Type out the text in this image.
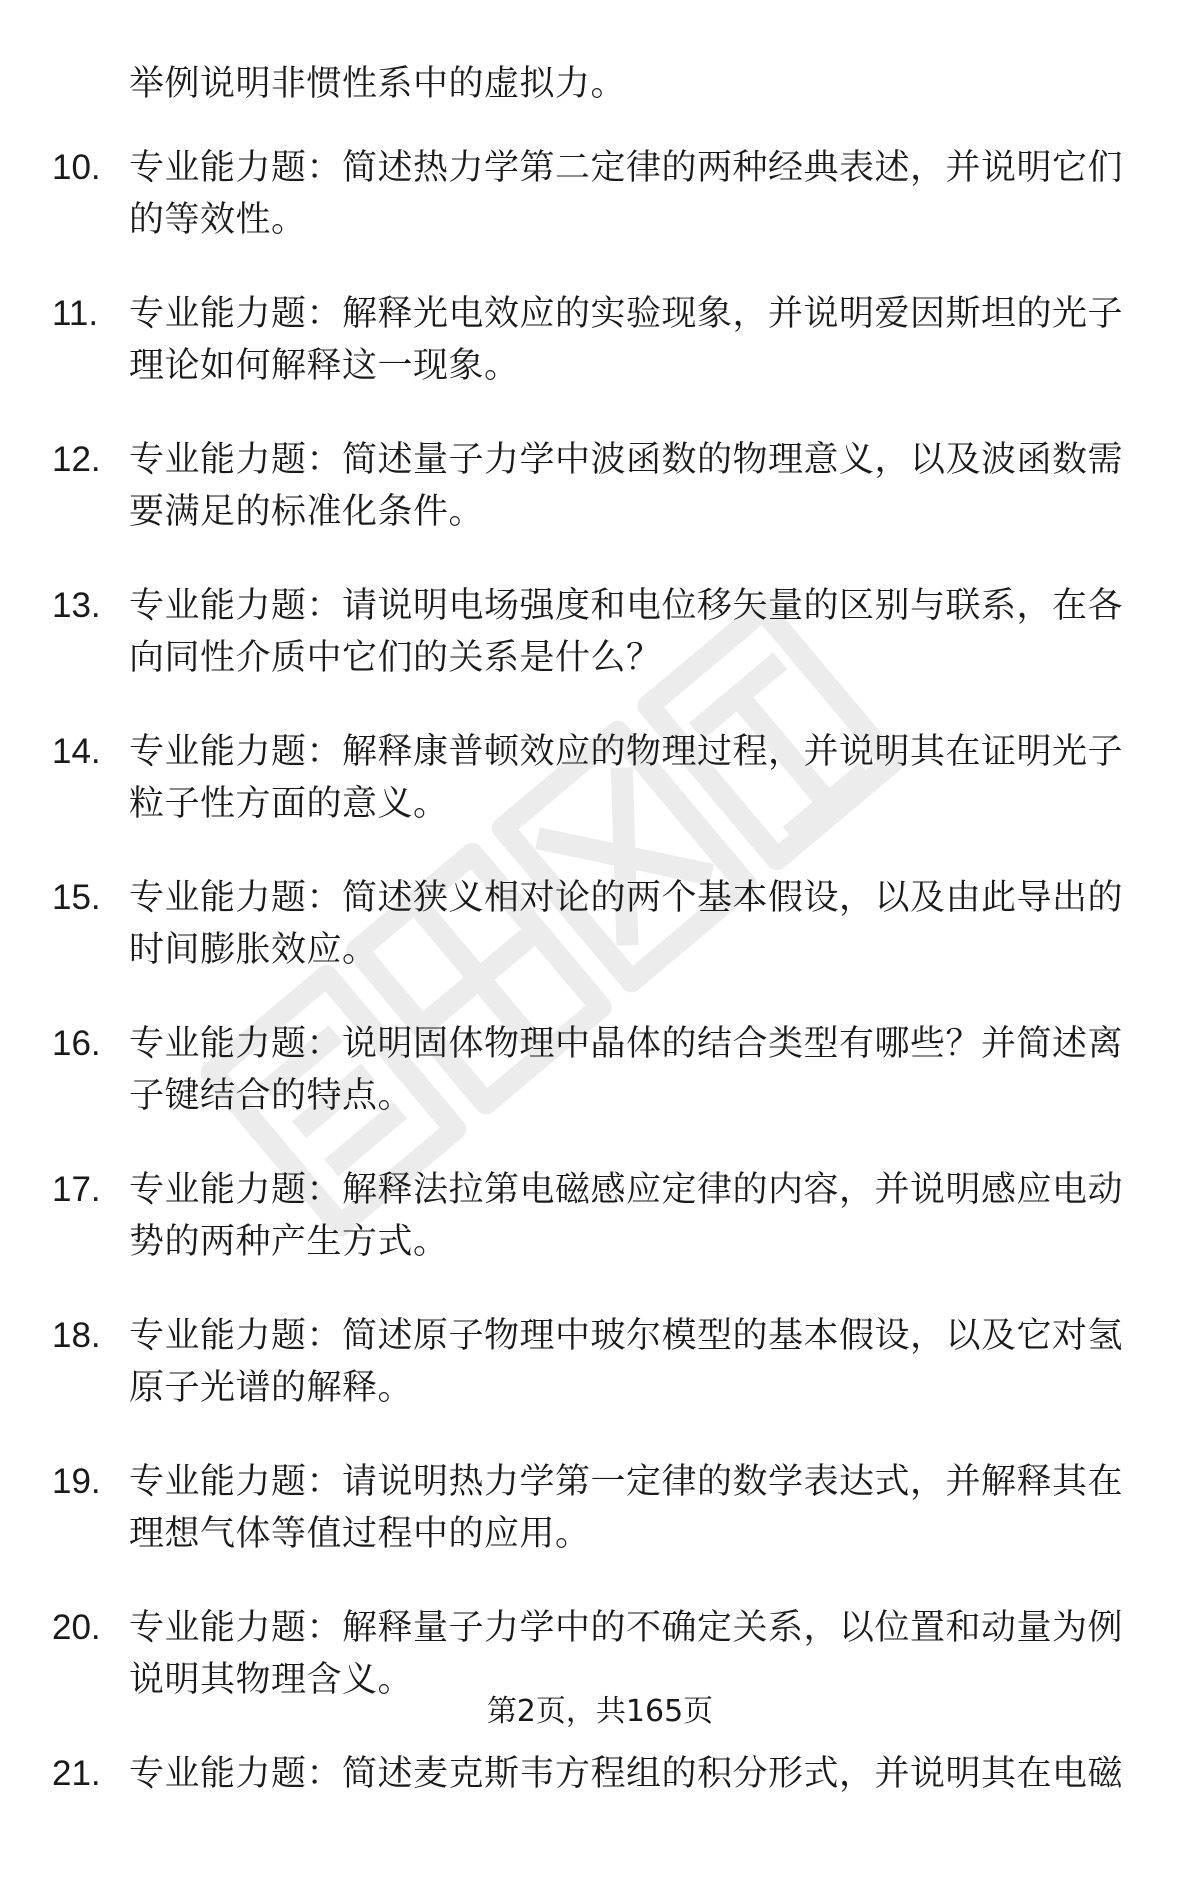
举例说明非惯性系中的虚拟力。
10. 专业能力题：简述热力学第二定律的两种经典表述，并说明它们的等效性。
11. 专业能力题：解释光电效应的实验现象，并说明爱因斯坦的光子理论如何解释这一现象。
12. 专业能力题：简述量子力学中波函数的物理意义，以及波函数需要满足的标准化条件。
13. 专业能力题：请说明电场强度和电位移矢量的区别与联系，在各向同性介质中它们的关系是什么？
14. 专业能力题：解释康普顿效应的物理过程，并说明其在证明光子粒子性方面的意义。
15. 专业能力题：简述狭义相对论的两个基本假设，以及由此导出的时间膨胀效应。
16. 专业能力题：说明固体物理中晶体的结合类型有哪些？并简述离子键结合的特点。
17. 专业能力题：解释法拉第电磁感应定律的内容，并说明感应电动势的两种产生方式。
18. 专业能力题：简述原子物理中玻尔模型的基本假设，以及它对氢原子光谱的解释。
19. 专业能力题：请说明热力学第一定律的数学表达式，并解释其在理想气体等值过程中的应用。
20. 专业能力题：解释量子力学中的不确定关系，以位置和动量为例说明其物理含义。
21. 专业能力题：简述麦克斯韦方程组的积分形式，并说明其在电磁
第2页，共165页
